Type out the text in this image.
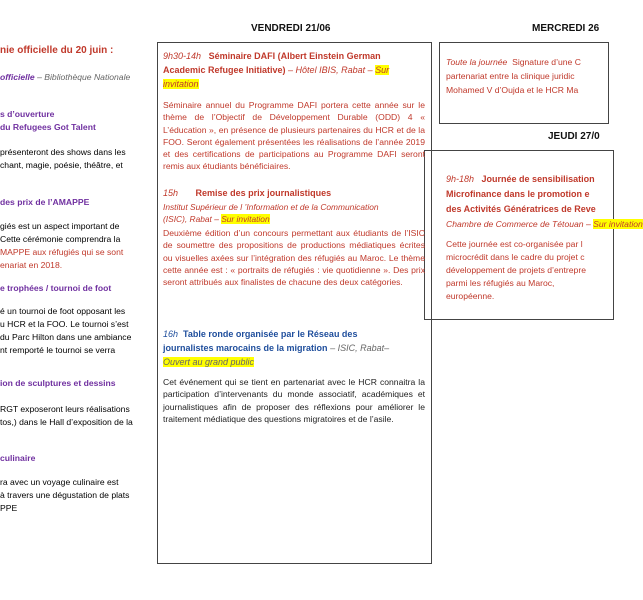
VENDREDI 21/06	MERCREDI 26
JEUDI 27/0
nie officielle du 20 juin :
officielle – Bibliothèque Nationale
s d’ouverture
du Refugees Got Talent
présenteront des shows dans les
chant, magie, poésie, théâtre, et
des prix de l’AMAPPE
giés est un aspect important de
Cette cérémonie comprendra la
MAPPE aux réfugiés qui se sont
enariat en 2018.
e trophées / tournoi de foot
é un tournoi de foot opposant les
u HCR et la FOO. Le tournoi s’est
du Parc Hilton dans une ambiance
nt remporté le tournoi se verra
ion de sculptures et dessins
RGT exposeront leurs réalisations
tos,) dans le Hall d’exposition de la
culinaire
ra avec un voyage culinaire est
à travers une dégustation de plats
PPE
9h30-14h Séminaire DAFI (Albert Einstein German
Academic Refugee Initiative) – Hôtel IBIS, Rabat – Sur
invitation
Séminaire annuel du Programme DAFI portera cette année sur le thème de l’Objectif de Développement Durable (ODD) 4 « L’éducation », en présence de plusieurs partenaires du HCR et de la FOO. Seront également présentées les réalisations de l’année 2019 et des certifications de participations au Programme DAFI seront remis aux étudiants bénéficiaires.
15h Remise des prix journalistiques
Institut Supérieur de l ’Information et de la Communication
(ISIC), Rabat – Sur invitation
Deuxième édition d’un concours permettant aux étudiants de l’ISIC de soumettre des propositions de productions médiatiques écrites ou visuelles axées sur l’intégration des réfugiés au Maroc. Le thème cette année est : « portraits de réfugiés : vie quotidienne ». Des prix seront attribués aux finalistes de chacune des deux catégories.
16h Table ronde organisée par le Réseau des
journalistes marocains de la migration – ISIC, Rabat–
Ouvert au grand public
Cet événement qui se tient en partenariat avec le HCR connaitra la participation d’intervenants du monde associatif, académiques et journalistiques afin de proposer des réflexions pour améliorer le traitement médiatique des questions migratoires et de l’asile.
Toute la journée Signature d’une C
partenariat entre la clinique juridic
Mohamed V d’Oujda et le HCR Ma
9h-18h Journée de sensibilisation
Microfinance dans le promotion e
des Activités Génératrices de Reve
Chambre de Commerce de Tétouan – Sur invitation
Cette journée est co-organisée par l
microcrédit dans le cadre du projet c
développement de projets d’entrepre
parmi les réfugiés au Maroc,
européenne.
